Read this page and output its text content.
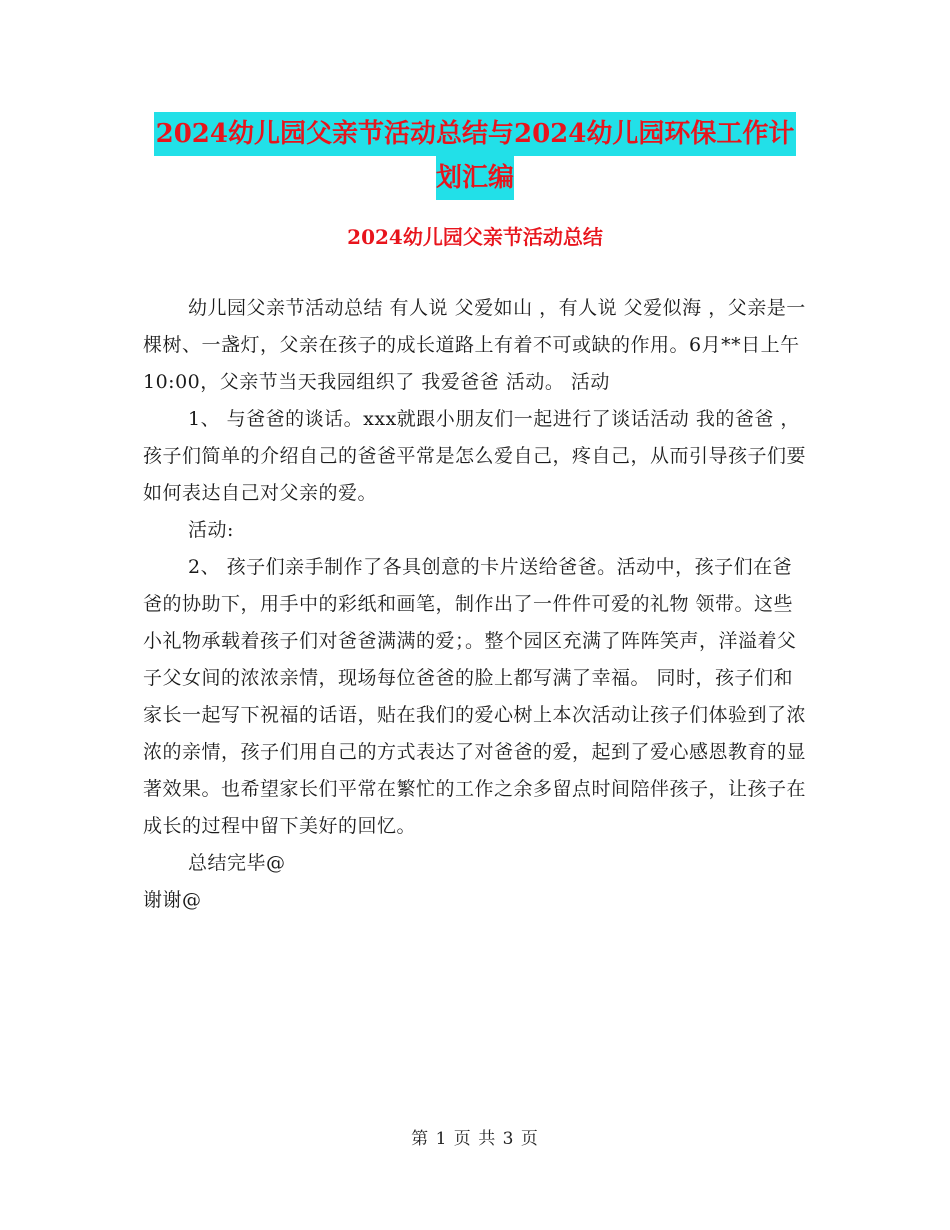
2024幼儿园父亲节活动总结与2024幼儿园环保工作计
划汇编
2024幼儿园父亲节活动总结

幼儿园父亲节活动总结 有人说 父爱如山 ，有人说 父爱似海 ，父亲是一棵树、一盏灯，父亲在孩子的成长道路上有着不可或缺的作用。6月**日上午10:00，父亲节当天我园组织了 我爱爸爸 活动。 活动

1、 与爸爸的谈话。xxx就跟小朋友们一起进行了谈话活动 我的爸爸 ，孩子们简单的介绍自己的爸爸平常是怎么爱自己，疼自己，从而引导孩子们要如何表达自己对父亲的爱。

活动:

2、 孩子们亲手制作了各具创意的卡片送给爸爸。活动中，孩子们在爸爸的协助下，用手中的彩纸和画笔，制作出了一件件可爱的礼物 领带。这些小礼物承载着孩子们对爸爸满满的爱；。整个园区充满了阵阵笑声，洋溢着父子父女间的浓浓亲情，现场每位爸爸的脸上都写满了幸福。 同时，孩子们和家长一起写下祝福的话语，贴在我们的爱心树上本次活动让孩子们体验到了浓浓的亲情，孩子们用自己的方式表达了对爸爸的爱，起到了爱心感恩教育的显著效果。也希望家长们平常在繁忙的工作之余多留点时间陪伴孩子，让孩子在成长的过程中留下美好的回忆。

总结完毕@

谢谢@

第 1 页 共 3 页
